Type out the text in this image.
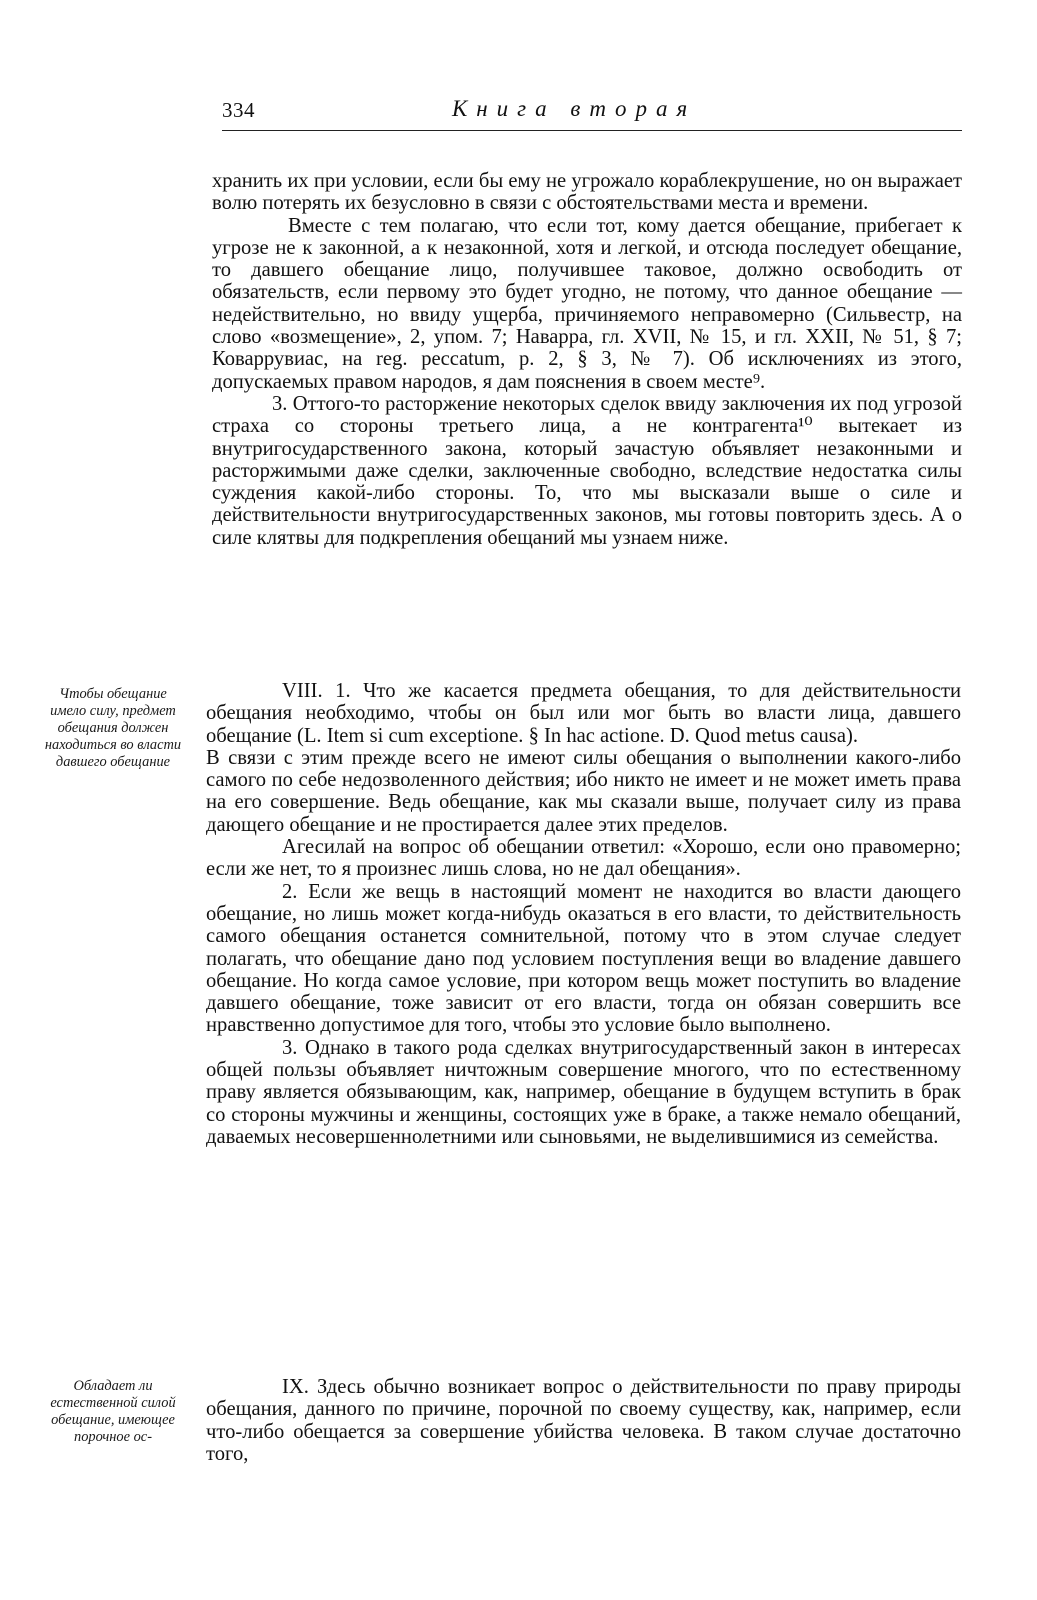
334	Книга вторая

хранить их при условии, если бы ему не угрожало кораблекрушение, но он выражает волю потерять их безусловно в связи с обстоятельствами места и времени.

Вместе с тем полагаю, что если тот, кому дается обещание, прибегает к угрозе не к законной, а к незаконной, хотя и легкой, и отсюда последует обещание, то давшего обещание лицо, получившее таковое, должно освободить от обязательств, если первому это будет угодно, не потому, что данное обещание — недействительно, но ввиду ущерба, причиняемого неправомерно (Сильвестр, на слово «возмещение», 2, упом. 7; Наварра, гл. XVII, № 15, и гл. XXII, № 51, § 7; Коваррувиас, на reg. peccatum, p. 2, § 3, № 7). Об исключениях из этого, допускаемых правом народов, я дам пояснения в своем месте⁹.

3. Оттого-то расторжение некоторых сделок ввиду заключения их под угрозой страха со стороны третьего лица, а не контрагента¹⁰ вытекает из внутригосударственного закона, который зачастую объявляет незаконными и расторжимыми даже сделки, заключенные свободно, вследствие недостатка силы суждения какой-либо стороны. То, что мы высказали выше о силе и действительности внутригосударственных законов, мы готовы повторить здесь. А о силе клятвы для подкрепления обещаний мы узнаем ниже.

Чтобы обещание имело силу, предмет обещания должен находиться во власти давшего обещание

VIII. 1. Что же касается предмета обещания, то для действительности обещания необходимо, чтобы он был или мог быть во власти лица, давшего обещание (L. Item si cum exceptione. § In hac actione. D. Quod metus causa).

В связи с этим прежде всего не имеют силы обещания о выполнении какого-либо самого по себе недозволенного действия; ибо никто не имеет и не может иметь права на его совершение. Ведь обещание, как мы сказали выше, получает силу из права дающего обещание и не простирается далее этих пределов.

Агесилай на вопрос об обещании ответил: «Хорошо, если оно правомерно; если же нет, то я произнес лишь слова, но не дал обещания».

2. Если же вещь в настоящий момент не находится во власти дающего обещание, но лишь может когда-нибудь оказаться в его власти, то действительность самого обещания останется сомнительной, потому что в этом случае следует полагать, что обещание дано под условием поступления вещи во владение давшего обещание. Но когда самое условие, при котором вещь может поступить во владение давшего обещание, тоже зависит от его власти, тогда он обязан совершить все нравственно допустимое для того, чтобы это условие было выполнено.

3. Однако в такого рода сделках внутригосударственный закон в интересах общей пользы объявляет ничтожным совершение многого, что по естественному праву является обязывающим, как, например, обещание в будущем вступить в брак со стороны мужчины и женщины, состоящих уже в браке, а также немало обещаний, даваемых несовершеннолетними или сыновьями, не выделившимися из семейства.

Обладает ли естественной силой обещание, имеющее порочное ос-

IX. Здесь обычно возникает вопрос о действительности по праву природы обещания, данного по причине, порочной по своему существу, как, например, если что-либо обещается за совершение убийства человека. В таком случае достаточно того,
